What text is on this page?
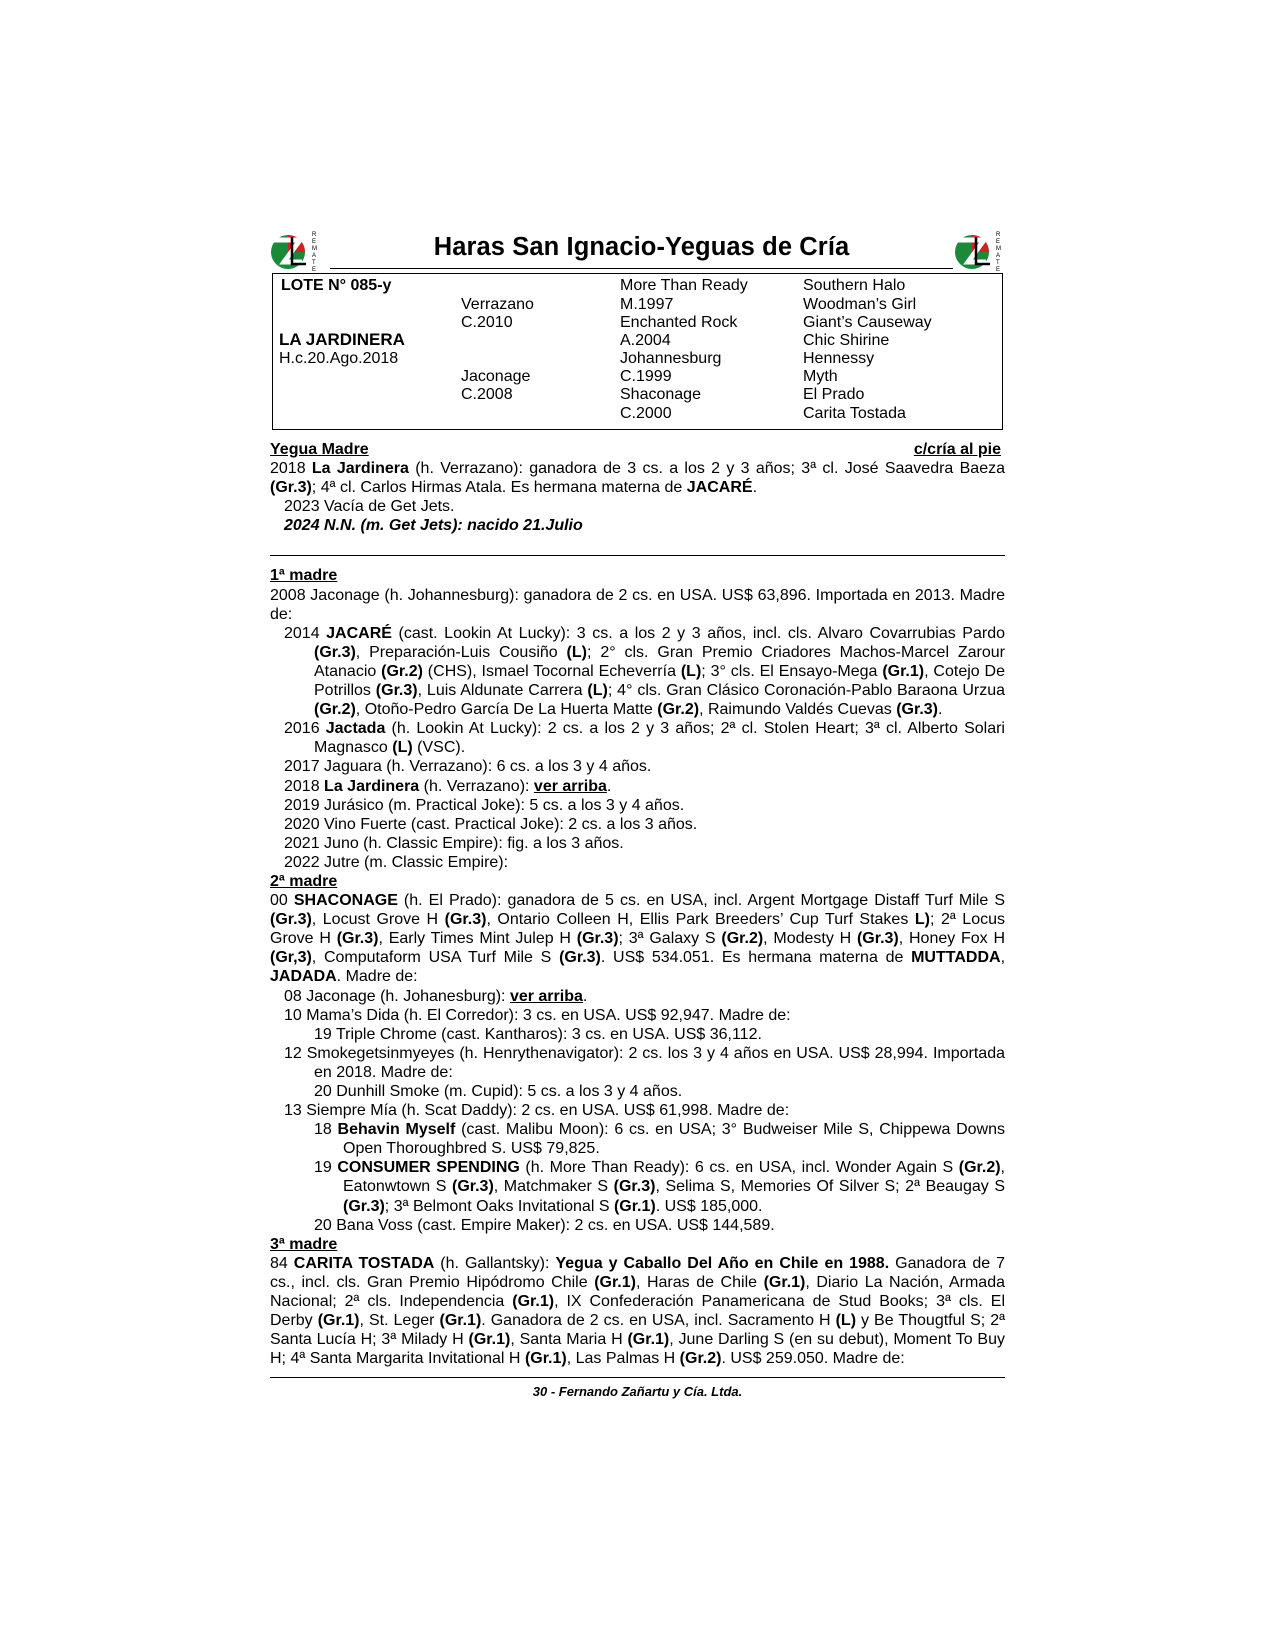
R
E
M
A
T
E
Haras San Ignacio-Yeguas de Cría	R
E
M
A
T
E
LOTE N° 085-y
LA JARDINERA
H.c.20.Ago.2018
Verrazano
C.2010
Jaconage
C.2008
More Than Ready
M.1997
Enchanted Rock
A.2004
Johannesburg
C.1999
Shaconage
C.2000
Southern Halo
Woodman’s Girl
Giant’s Causeway
Chic Shirine
Hennessy
Myth
El Prado
Carita Tostada
Yegua Madre	c/cría al pie
2018 La Jardinera (h. Verrazano): ganadora de 3 cs. a los 2 y 3 años; 3ª cl. José Saavedra Baeza (Gr.3); 4ª cl. Carlos Hirmas Atala. Es hermana materna de JACARÉ.
2023 Vacía de Get Jets.
2024 N.N. (m. Get Jets): nacido 21.Julio
1ª madre
2008 Jaconage (h. Johannesburg): ganadora de 2 cs. en USA. US$ 63,896. Importada en 2013. Madre de:
2014 JACARÉ (cast. Lookin At Lucky): 3 cs. a los 2 y 3 años, incl. cls. Alvaro Covarrubias Pardo (Gr.3), Preparación-Luis Cousiño (L); 2° cls. Gran Premio Criadores Machos-Marcel Zarour Atanacio (Gr.2) (CHS), Ismael Tocornal Echeverría (L); 3° cls. El Ensayo-Mega (Gr.1), Cotejo De Potrillos (Gr.3), Luis Aldunate Carrera (L); 4° cls. Gran Clásico Coronación-Pablo Baraona Urzua (Gr.2), Otoño-Pedro García De La Huerta Matte (Gr.2), Raimundo Valdés Cuevas (Gr.3).
2016 Jactada (h. Lookin At Lucky): 2 cs. a los 2 y 3 años; 2ª cl. Stolen Heart; 3ª cl. Alberto Solari Magnasco (L) (VSC).
2017 Jaguara (h. Verrazano): 6 cs. a los 3 y 4 años.
2018 La Jardinera (h. Verrazano): ver arriba.
2019 Jurásico (m. Practical Joke): 5 cs. a los 3 y 4 años.
2020 Vino Fuerte (cast. Practical Joke): 2 cs. a los 3 años.
2021 Juno (h. Classic Empire): fig. a los 3 años.
2022 Jutre (m. Classic Empire):
2ª madre
00 SHACONAGE (h. El Prado): ganadora de 5 cs. en USA, incl. Argent Mortgage Distaff Turf Mile S (Gr.3), Locust Grove H (Gr.3), Ontario Colleen H, Ellis Park Breeders’ Cup Turf Stakes L); 2ª Locus Grove H (Gr.3), Early Times Mint Julep H (Gr.3); 3ª Galaxy S (Gr.2), Modesty H (Gr.3), Honey Fox H (Gr,3), Computaform USA Turf Mile S (Gr.3). US$ 534.051. Es hermana materna de MUTTADDA, JADADA. Madre de:
08 Jaconage (h. Johanesburg): ver arriba.
10 Mama’s Dida (h. El Corredor): 3 cs. en USA. US$ 92,947. Madre de:
19 Triple Chrome (cast. Kantharos): 3 cs. en USA. US$ 36,112.
12 Smokegetsinmyeyes (h. Henrythenavigator): 2 cs. los 3 y 4 años en USA. US$ 28,994. Importada en 2018. Madre de:
20 Dunhill Smoke (m. Cupid): 5 cs. a los 3 y 4 años.
13 Siempre Mía (h. Scat Daddy): 2 cs. en USA. US$ 61,998. Madre de:
18 Behavin Myself (cast. Malibu Moon): 6 cs. en USA; 3° Budweiser Mile S, Chippewa Downs Open Thoroughbred S. US$ 79,825.
19 CONSUMER SPENDING (h. More Than Ready): 6 cs. en USA, incl. Wonder Again S (Gr.2), Eatonwtown S (Gr.3), Matchmaker S (Gr.3), Selima S, Memories Of Silver S; 2ª Beaugay S (Gr.3); 3ª Belmont Oaks Invitational S (Gr.1). US$ 185,000.
20 Bana Voss (cast. Empire Maker): 2 cs. en USA. US$ 144,589.
3ª madre
84 CARITA TOSTADA (h. Gallantsky): Yegua y Caballo Del Año en Chile en 1988. Ganadora de 7 cs., incl. cls. Gran Premio Hipódromo Chile (Gr.1), Haras de Chile (Gr.1), Diario La Nación, Armada Nacional; 2ª cls. Independencia (Gr.1), IX Confederación Panamericana de Stud Books; 3ª cls. El Derby (Gr.1), St. Leger (Gr.1). Ganadora de 2 cs. en USA, incl. Sacramento H (L) y Be Thougtful S; 2ª Santa Lucía H; 3ª Milady H (Gr.1), Santa Maria H (Gr.1), June Darling S (en su debut), Moment To Buy H; 4ª Santa Margarita Invitational H (Gr.1), Las Palmas H (Gr.2). US$ 259.050. Madre de:
30 - Fernando Zañartu y Cía. Ltda.
